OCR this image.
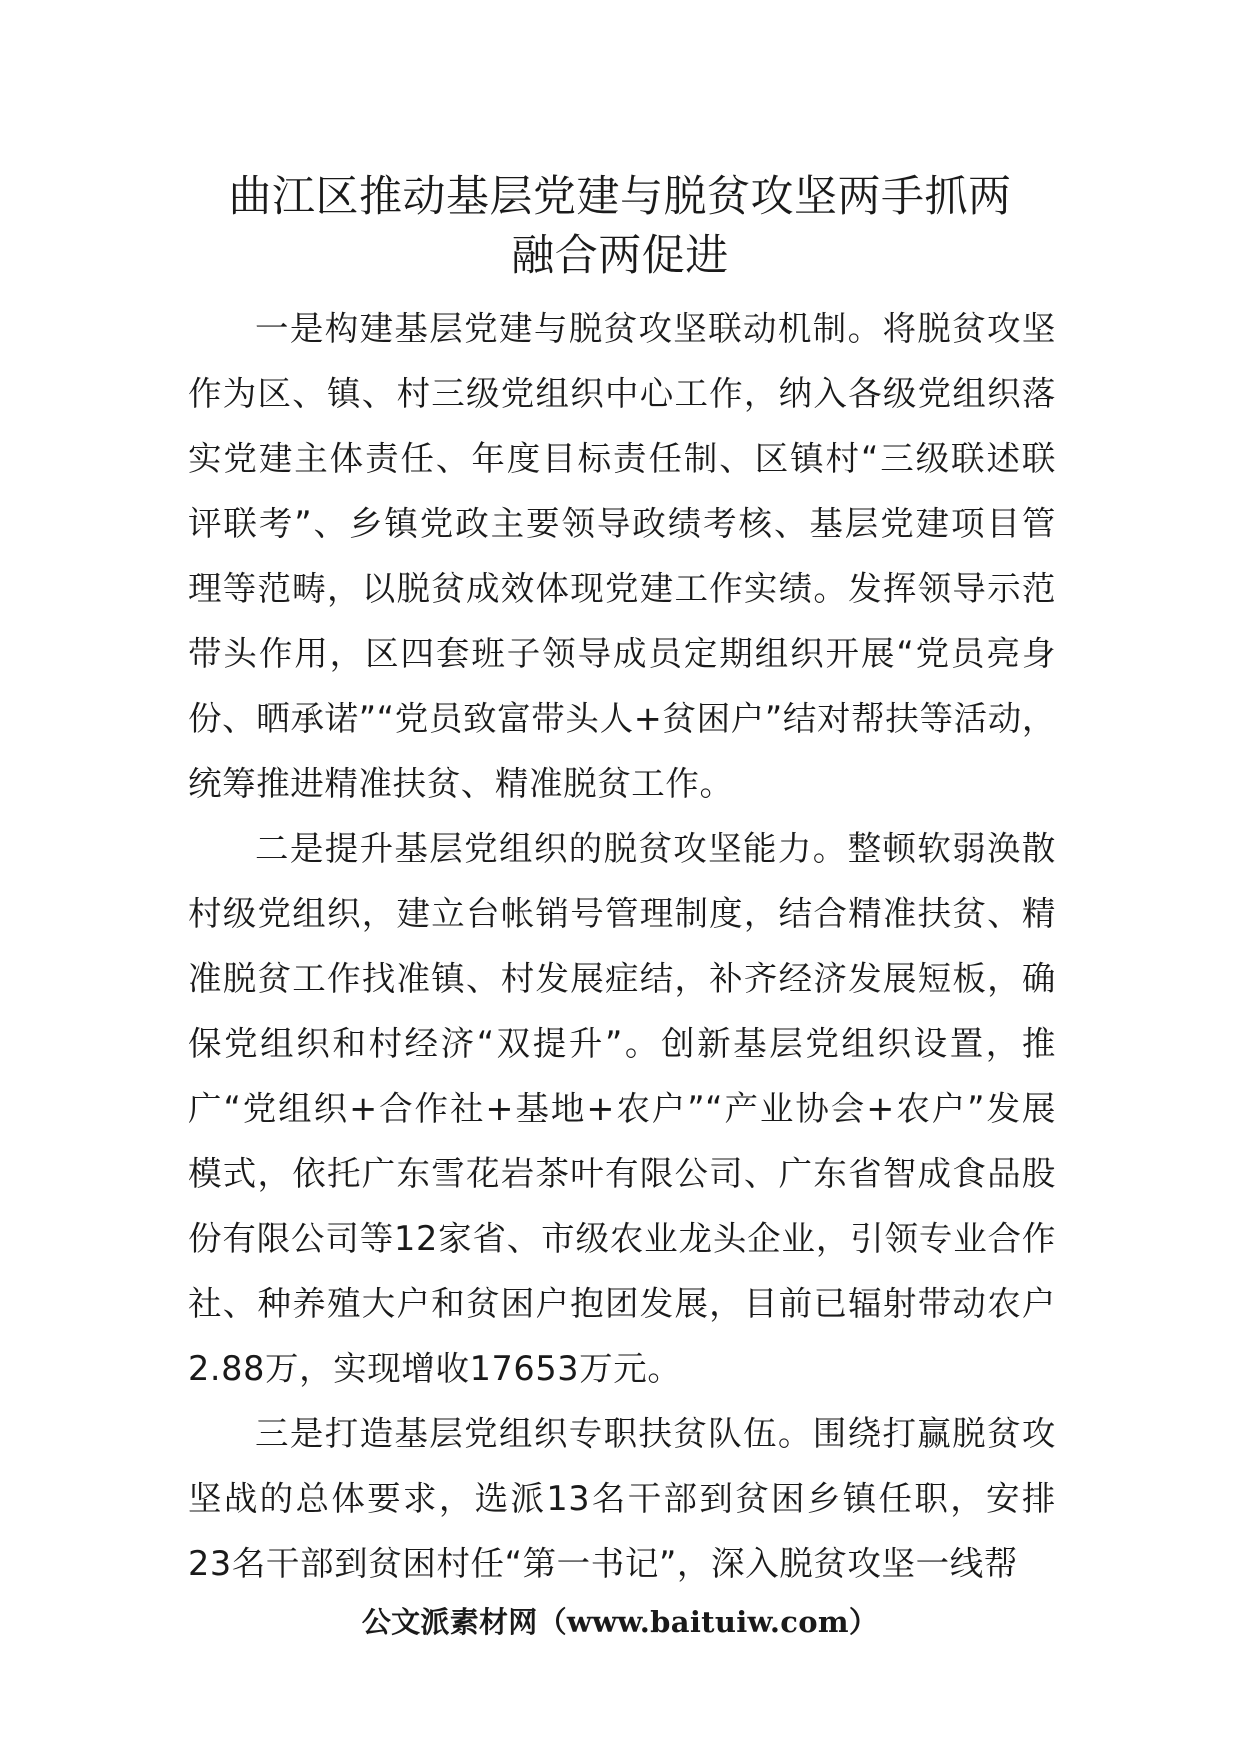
曲江区推动基层党建与脱贫攻坚两手抓两
融合两促进

一是构建基层党建与脱贫攻坚联动机制。将脱贫攻坚作为区、镇、村三级党组织中心工作，纳入各级党组织落实党建主体责任、年度目标责任制、区镇村“三级联述联评联考”、乡镇党政主要领导政绩考核、基层党建项目管理等范畴，以脱贫成效体现党建工作实绩。发挥领导示范带头作用，区四套班子领导成员定期组织开展“党员亮身份、晒承诺”“党员致富带头人+贫困户”结对帮扶等活动，统筹推进精准扶贫、精准脱贫工作。

二是提升基层党组织的脱贫攻坚能力。整顿软弱涣散村级党组织，建立台帐销号管理制度，结合精准扶贫、精准脱贫工作找准镇、村发展症结，补齐经济发展短板，确保党组织和村经济“双提升”。创新基层党组织设置，推广“党组织+合作社+基地+农户”“产业协会+农户”发展模式，依托广东雪花岩茶叶有限公司、广东省智成食品股份有限公司等12家省、市级农业龙头企业，引领专业合作社、种养殖大户和贫困户抱团发展，目前已辐射带动农户2.88万，实现增收17653万元。

三是打造基层党组织专职扶贫队伍。围绕打赢脱贫攻坚战的总体要求，选派13名干部到贫困乡镇任职，安排23名干部到贫困村任“第一书记”，深入脱贫攻坚一线帮

公文派素材网（www.baituiw.com）
